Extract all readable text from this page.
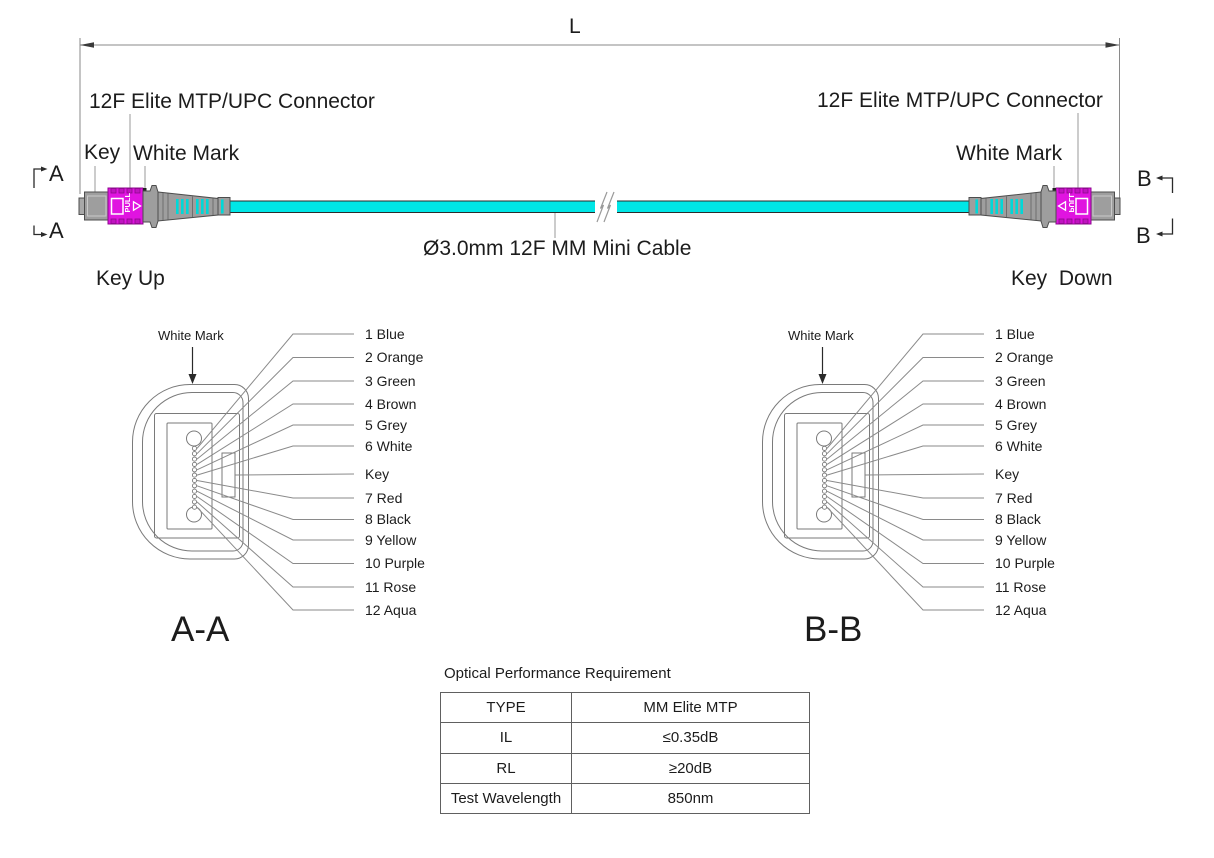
PULL
L
12F Elite MTP/UPC Connector	12F Elite MTP/UPC Connector
Key White Mark	White Mark
A
A
B
B
Key Up	Key  Down
Ø3.0mm 12F MM Mini Cable
White Mark	White Mark
1 Blue
2 Orange
3 Green
4 Brown
5 Grey
6 White
Key
7 Red
8 Black
9 Yellow
10 Purple
11 Rose
12 Aqua
1 Blue
2 Orange
3 Green
4 Brown
5 Grey
6 White
Key
7 Red
8 Black
9 Yellow
10 Purple
11 Rose
12 Aqua
A-A	B-B
Optical Performance Requirement
TYPE	MM Elite MTP
IL	≤0.35dB
RL	≥20dB
Test Wavelength	850nm
